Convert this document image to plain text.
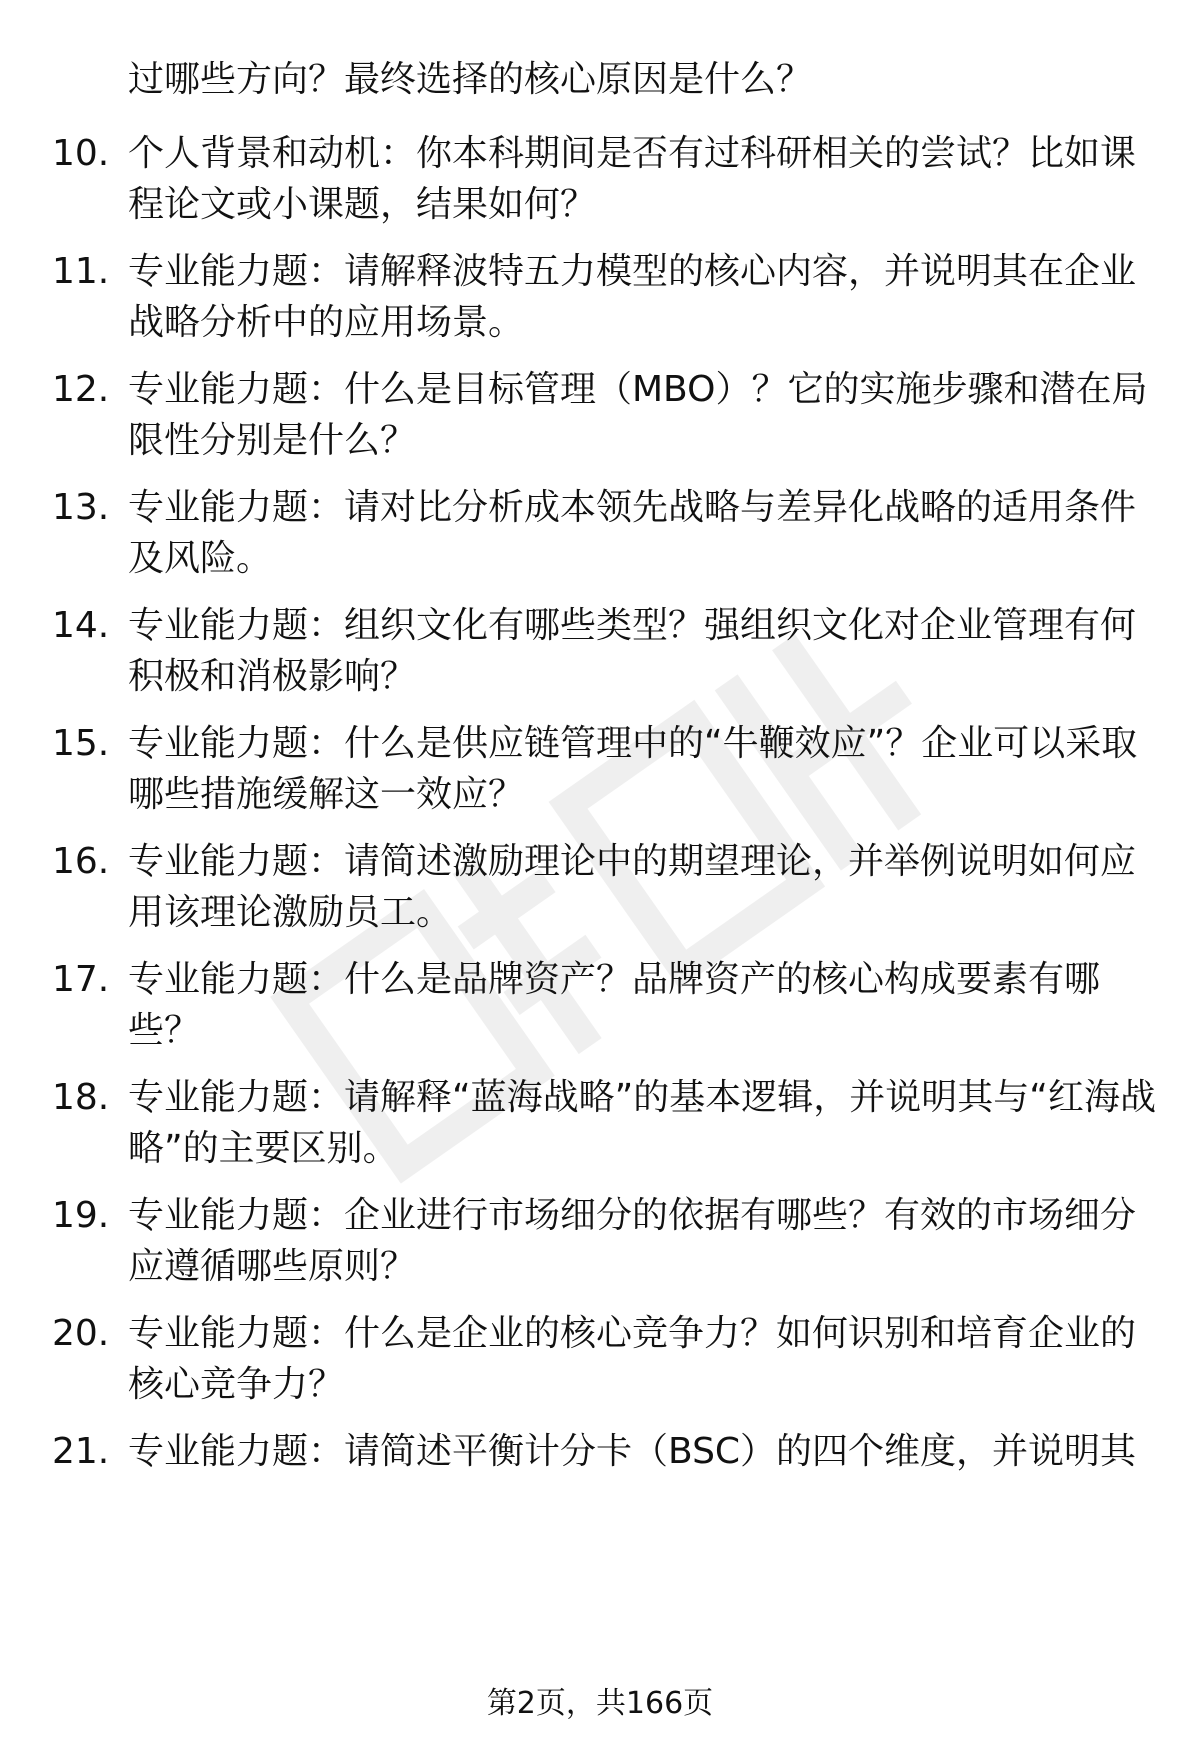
过哪些方向？最终选择的核心原因是什么？
10. 个人背景和动机：你本科期间是否有过科研相关的尝试？比如课程论文或小课题，结果如何？
11. 专业能力题：请解释波特五力模型的核心内容，并说明其在企业战略分析中的应用场景。
12. 专业能力题：什么是目标管理（MBO）？它的实施步骤和潜在局限性分别是什么？
13. 专业能力题：请对比分析成本领先战略与差异化战略的适用条件及风险。
14. 专业能力题：组织文化有哪些类型？强组织文化对企业管理有何积极和消极影响？
15. 专业能力题：什么是供应链管理中的“牛鞭效应”？企业可以采取哪些措施缓解这一效应？
16. 专业能力题：请简述激励理论中的期望理论，并举例说明如何应用该理论激励员工。
17. 专业能力题：什么是品牌资产？品牌资产的核心构成要素有哪些？
18. 专业能力题：请解释“蓝海战略”的基本逻辑，并说明其与“红海战略”的主要区别。
19. 专业能力题：企业进行市场细分的依据有哪些？有效的市场细分应遵循哪些原则？
20. 专业能力题：什么是企业的核心竞争力？如何识别和培育企业的核心竞争力？
21. 专业能力题：请简述平衡计分卡（BSC）的四个维度，并说明其
第2页，共166页
